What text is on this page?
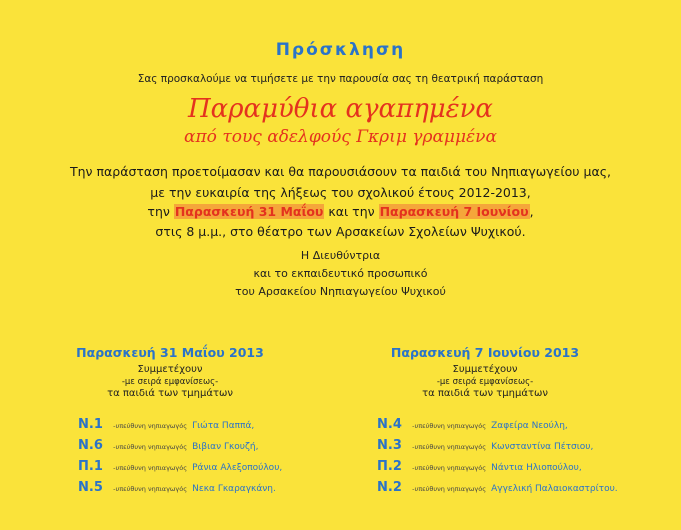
Πρόσκληση
Σας προσκαλούμε να τιμήσετε με την παρουσία σας τη θεατρική παράσταση
Παραμύθια αγαπημένα
από τους αδελφούς Γκριμ γραμμένα
Την παράσταση προετοίμασαν και θα παρουσιάσουν τα παιδιά του Νηπιαγωγείου μας,
με την ευκαιρία της λήξεως του σχολικού έτους 2012-2013,
την Παρασκευή 31 Μαΐου και την Παρασκευή 7 Ιουνίου,
στις 8 μ.μ., στο θέατρο των Αρσακείων Σχολείων Ψυχικού.
Η Διευθύντρια
και το εκπαιδευτικό προσωπικό
του Αρσακείου Νηπιαγωγείου Ψυχικού
Παρασκευή 31 Μαΐου 2013
Συμμετέχουν
-με σειρά εμφανίσεως-
τα παιδιά των τμημάτων
Ν.1 -υπεύθυνη νηπιαγωγός Γιώτα Παππά,
Ν.6 -υπεύθυνη νηπιαγωγός Βιβιαν Γκουζή,
Π.1 -υπεύθυνη νηπιαγωγός Ράνια Αλεξοπούλου,
Ν.5 -υπεύθυνη νηπιαγωγός Νεκα Γκαραγκάνη.
Παρασκευή 7 Ιουνίου 2013
Συμμετέχουν
-με σειρά εμφανίσεως-
τα παιδιά των τμημάτων
Ν.4 -υπεύθυνη νηπιαγωγός Ζαφείρα Νεούλη,
Ν.3 -υπεύθυνη νηπιαγωγός Κωνσταντίνα Πέτσιου,
Π.2 -υπεύθυνη νηπιαγωγός Νάντια Ηλιοπούλου,
Ν.2 -υπεύθυνη νηπιαγωγός Αγγελική Παλαιοκαστρίτου.
